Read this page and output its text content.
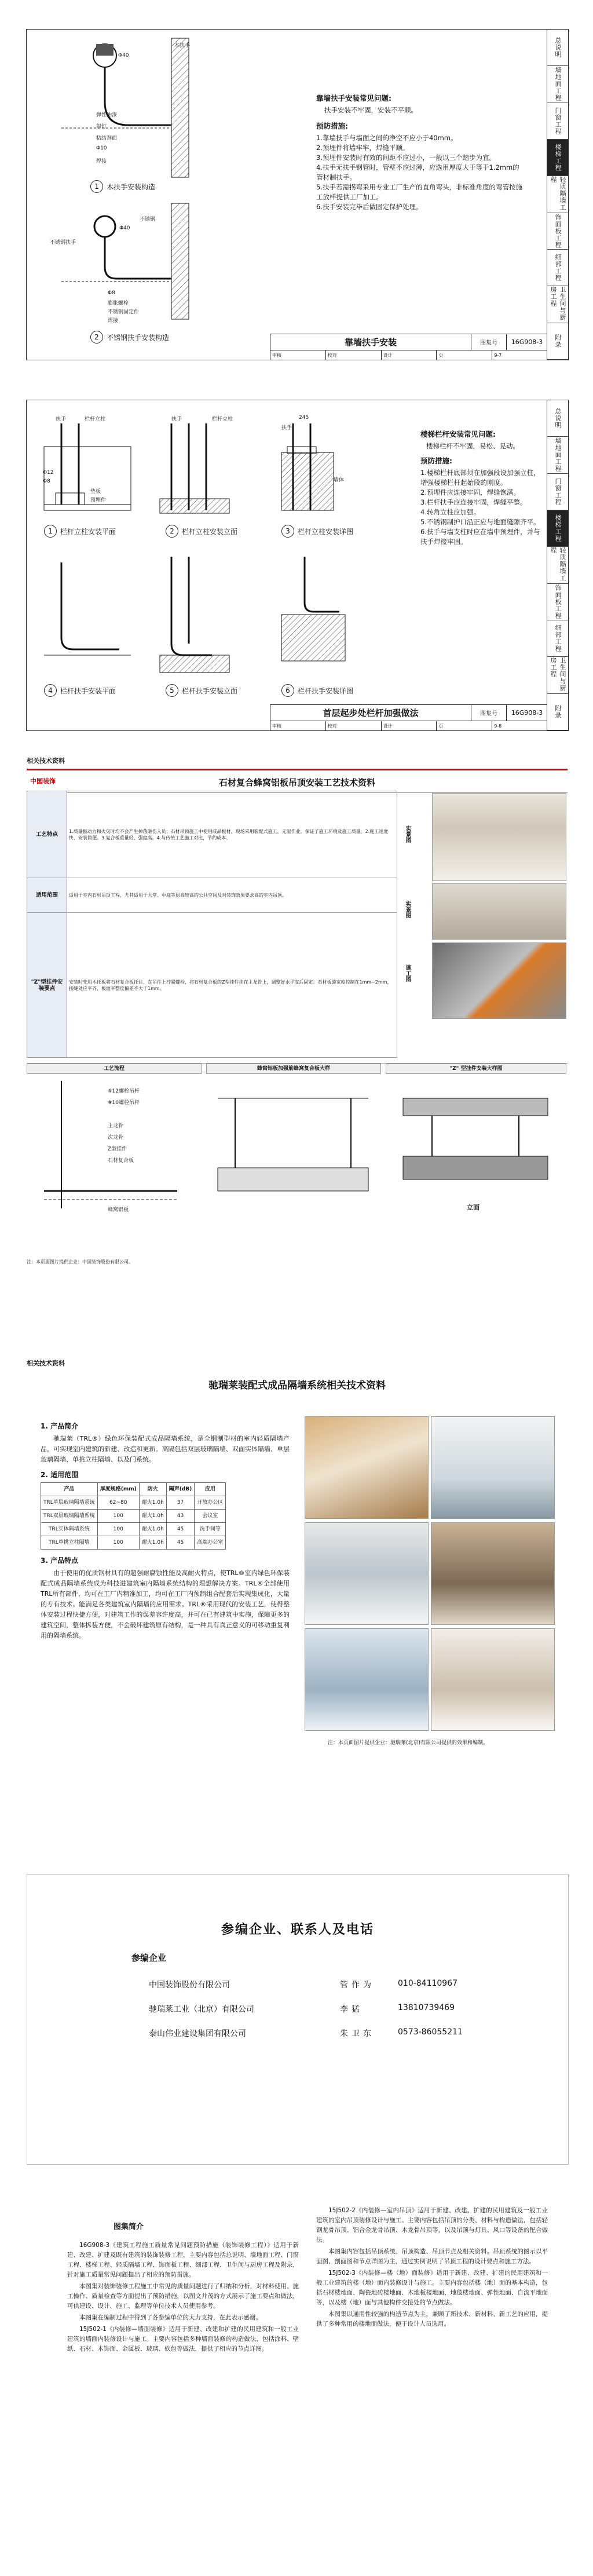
总说明
墙地面工程
门窗工程
楼梯工程
轻质隔墙工程
饰面板工程
细部工程
卫生间与厨房工程
附录
木扶手
Φ40
弹性油漆
射钉
粘结剂面
Φ10
焊接
1	木扶手安装构造
不锈钢
Φ40
不锈钢扶手
Φ8
膨胀螺栓
不锈钢固定件
焊接
2	不锈钢扶手安装构造
靠墙扶手安装常见问题:

扶手安装不牢固，安装不平顺。

预防措施:

1.靠墙扶手与墙面之间的净空不应小于40mm。

2.预埋件将墙牢牢，焊缝平顺。

3.预埋件安装时有效的间距不应过小，一般以三个踏步为宜。

4.扶手无扶手钢管时，管壁不应过薄，应选用厚度大于等于1.2mm的管材制扶手。

5.扶手若需拐弯采用专业工厂生产的直角弯头，非标准角度的弯管按施工放样提供工厂加工。

6.扶手安装完毕后做固定保护处理。

靠墙扶手安装	图集号	16G908-3
审核	校对	设计	页	9-7
总说明
墙地面工程
门窗工程
楼梯工程
轻质隔墙工程
饰面板工程
细部工程
卫生间与厨房工程
附录
扶手	栏杆立柱
Φ12
Φ8
垫板
预埋件
扶手	栏杆立柱
墙体
245
扶手
1	栏杆立柱安装平面	2	栏杆立柱安装立面	3	栏杆立柱安装详图
4	栏杆扶手安装平面	5	栏杆扶手安装立面	6	栏杆扶手安装详图
楼梯栏杆安装常见问题:

楼梯栏杆不牢固，易松、晃动。

预防措施:

1.楼梯栏杆底部须在加强段设加强立柱，增强楼梯栏杆起始段的刚度。

2.预埋件应连接牢固，焊缝饱满。

3.栏杆扶手应连接牢固，焊缝平整。

4.转角立柱应加强。

5.不锈钢制护口沿正应与地面缝隙齐平。

6.扶手与墙支柱时应在墙中预埋件，并与扶手焊接牢固。

首层起步处栏杆加强做法	图集号	16G908-3
审核	校对	设计	页	9-8
相关技术资料
中国装饰	石材复合蜂窝铝板吊顶安装工艺技术资料
工艺特点	1.质量振动力和火灾时均不会产生掉落砸伤人员；石材吊顶施工中使用成品板材，现场采用装配式施工，无湿作业，保证了施工环境及施工质量。2.施工速度快、安装简便。3.复合板重量轻、强度高。4.与传统工艺施工对比，节约成本。
适用范围	适用于室内石材吊顶工程，尤其适用于大堂、中庭等层高较高的公共空间及对装饰效果要求高的室内吊顶。
"Z"型挂件安装要点	安装时先用木托板将石材复合板托住，在吊件上拧紧螺栓，将石材复合板的Z型挂件挂在主龙骨上，调整好水平度后固定。石材板缝宽度控制在1mm~2mm，接缝处应平齐，板面平整度偏差不大于1mm。
实景图
实景图
施工图
工艺流程	蜂窝铝板加强筋蜂窝复合板大样	"Z" 型挂件安装大样图
#12螺栓吊杆
#10螺栓吊杆
主龙骨
次龙骨
Z型挂件
石材复合板
蜂窝铝板	立面
注：本页面图片提供企业：中国装饰股份有限公司。
相关技术资料
驰瑞莱装配式成品隔墙系统相关技术资料
1. 产品简介

驰瑞莱（TRL®）绿色环保装配式成品隔墙系统，是全钢制型材的室内轻质隔墙产品，可实现室内建筑的新建、改造和更新。高隔包括双层玻璃隔墙、双面实体隔墙、单层玻璃隔墙、单挑立柱隔墙、以及门系统。

2. 适用范围
产品	厚度规格(mm)	防火	隔声(dB)	应用
TRL单层玻璃隔墙系统	62~80	耐火1.0h	37	开放办公区
TRL双层玻璃隔墙系统	100	耐火1.0h	43	会议室
TRL实体隔墙系统	100	耐火1.0h	45	洗手间等
TRL单挑立柱隔墙	100	耐火1.0h	45	高端办公室
3. 产品特点

由于使用的优质钢材具有的超强耐腐蚀性能及高耐火特点，使TRL®室内绿色环保装配式成品隔墙系统成为科技进建筑室内隔墙系统结构的理想解决方案。TRL®全部使用TRL所有部件，均可在工厂内精准加工，均可在工厂内预制组合配套后实现集成化，大量的专有技术。能满足各类建筑室内隔墙的应用需求。TRL®采用现代的安装工艺，使得整体安装过程快捷方便，对建筑工作的误差容许度高，并可在已有建筑中实施，保障更多的建筑空间，整体拆装方便，不会破坏建筑原有结构，是一种具有真正意义的可移动重复利用的隔墙系统。

注：本页面图片提供企业：驰瑞莱(北京)有限公司提供的效果和编制。
参编企业、联系人及电话
参编企业
中国装饰股份有限公司	管作为	010-84110967
驰瑞莱工业（北京）有限公司	李猛	13810739469
泰山伟业建设集团有限公司	朱卫东	0573-86055211
图集简介

16G908-3《建筑工程施工质量常见问题预防措施（装饰装修工程）》适用于新建、改建、扩建及既有建筑的装饰装修工程，主要内容包括总说明、墙地面工程、门窗工程、楼梯工程、轻质隔墙工程、饰面板工程、细部工程、卫生间与厨房工程及附录，针对施工质量常见问题提出了相应的预防措施。

本图集对装饰装修工程施工中常见的质量问题进行了归纳和分析，对材料使用、施工操作、质量检查等方面提出了预防措施，以图文并茂的方式展示了施工要点和做法，可供建设、设计、施工、监理等单位技术人员使用参考。

本图集在编制过程中得到了各参编单位的大力支持，在此表示感谢。

15J502-1《内装修—墙面装修》适用于新建、改建和扩建的民用建筑和一般工业建筑的墙面内装修设计与施工。主要内容包括多种墙面装修的构造做法，包括涂料、壁纸、石材、木饰面、金属板、玻璃、软包等做法，提供了相应的节点详图。

15J502-2《内装修—室内吊顶》适用于新建、改建、扩建的民用建筑及一般工业建筑的室内吊顶装修设计与施工。主要内容包括吊顶的分类、材料与构造做法，包括轻钢龙骨吊顶、铝合金龙骨吊顶、木龙骨吊顶等，以及吊顶与灯具、风口等设备的配合做法。

本图集内容包括吊顶系统、吊顶构造、吊顶节点及相关资料。吊顶系统的图示以平面图、剖面图和节点详图为主，通过实例说明了吊顶工程的设计要点和施工方法。

15J502-3《内装修—楼（地）面装修》适用于新建、改建、扩建的民用建筑和一般工业建筑的楼（地）面内装修设计与施工。主要内容包括楼（地）面的基本构造，包括石材楼地面、陶瓷地砖楼地面、木地板楼地面、地毯楼地面、弹性地面、自流平地面等，以及楼（地）面与其他构件交接处的节点做法。

本图集以通用性较强的构造节点为主，兼顾了新技术、新材料、新工艺的应用，提供了多种常用的楼地面做法，便于设计人员选用。
